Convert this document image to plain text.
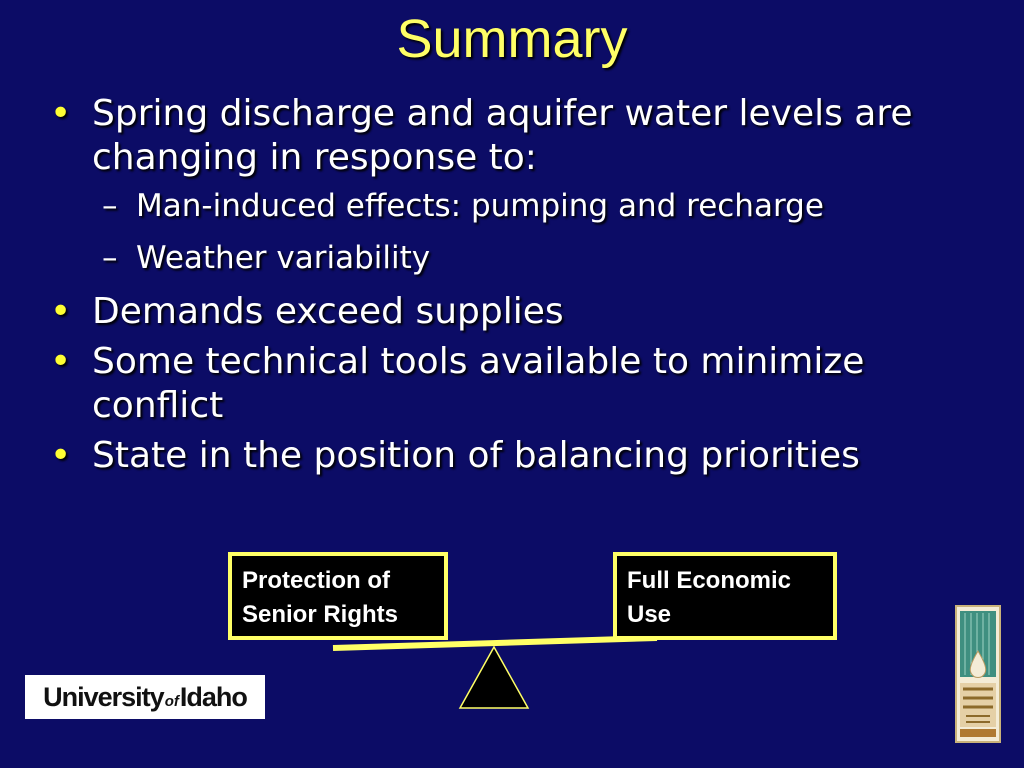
Summary
• Spring discharge and aquifer water levels are changing in response to:
– Man-induced effects: pumping and recharge
– Weather variability
• Demands exceed supplies
• Some technical tools available to minimize conflict
• State in the position of balancing priorities
Protection of Senior Rights
Full Economic Use
University of Idaho
